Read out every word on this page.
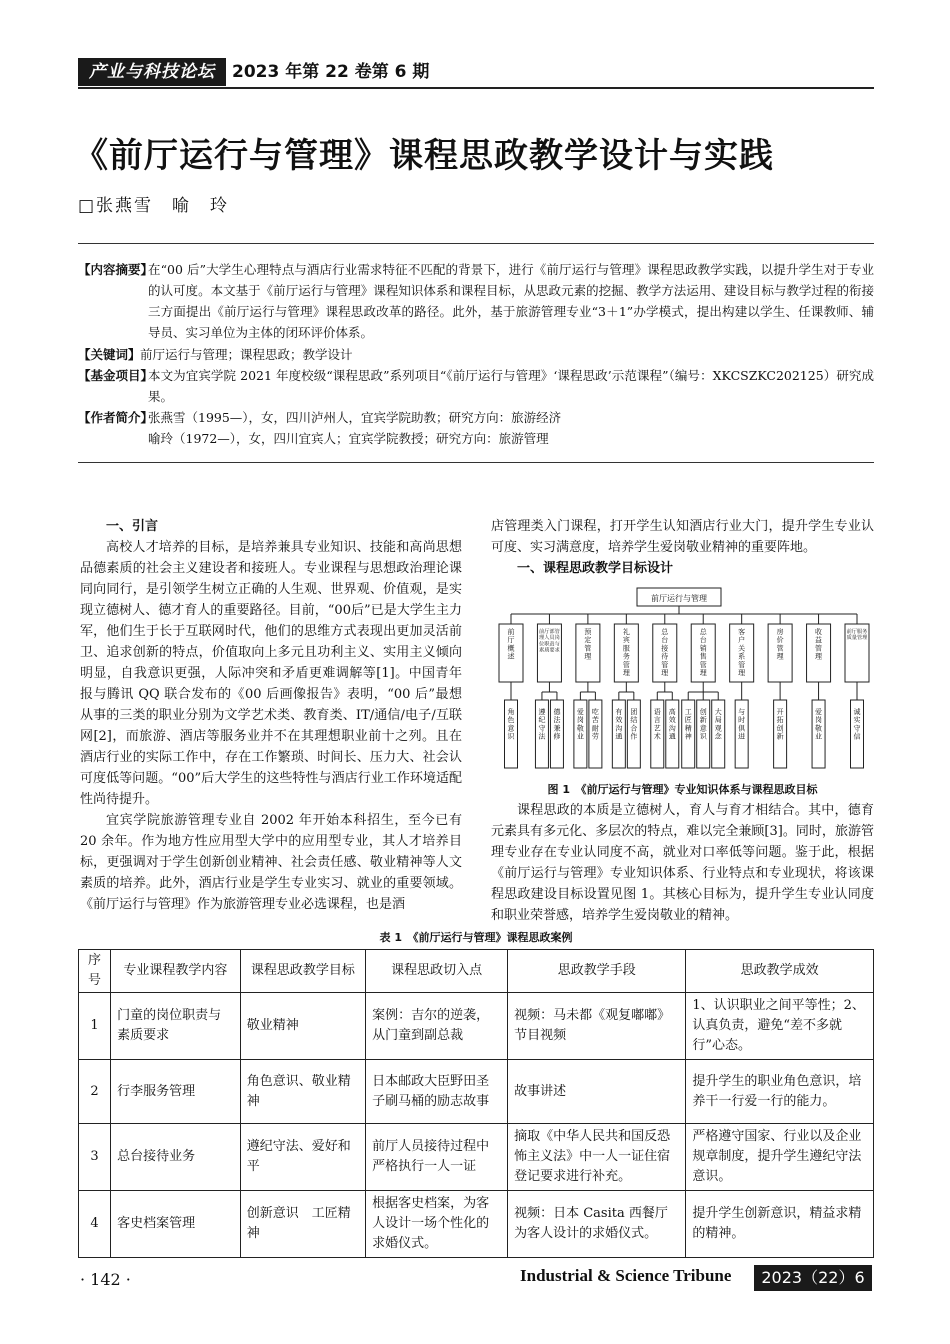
产业与科技论坛	2023 年第 22 卷第 6 期
《前厅运行与管理》课程思政教学设计与实践
□张燕雪　喻　玲
【内容摘要】
在“00 后”大学生心理特点与酒店行业需求特征不匹配的背景下，进行《前厅运行与管理》课程思政教学实践，以提升学生对于专业的认可度。本文基于《前厅运行与管理》课程知识体系和课程目标，从思政元素的挖掘、教学方法运用、建设目标与教学过程的衔接三方面提出《前厅运行与管理》课程思政改革的路径。此外，基于旅游管理专业“3＋1”办学模式，提出构建以学生、任课教师、辅导员、实习单位为主体的闭环评价体系。
【关键词】 前厅运行与管理；课程思政；教学设计
【基金项目】
本文为宜宾学院 2021 年度校级“课程思政”系列项目“《前厅运行与管理》‘课程思政’示范课程”（编号：XKCSZKC202125）研究成果。
【作者简介】
张燕雪（1995—），女，四川泸州人，宜宾学院助教；研究方向：旅游经济
喻玲（1972—），女，四川宜宾人；宜宾学院教授；研究方向：旅游管理
一、引言
高校人才培养的目标，是培养兼具专业知识、技能和高尚思想品德素质的社会主义建设者和接班人。专业课程与思想政治理论课同向同行，是引领学生树立正确的人生观、世界观、价值观，是实现立德树人、德才育人的重要路径。目前，“00后”已是大学生主力军，他们生于长于互联网时代，他们的思维方式表现出更加灵活前卫、追求创新的特点，价值取向上多元且功利主义、实用主义倾向明显，自我意识更强，人际冲突和矛盾更难调解等[1]。中国青年报与腾讯 QQ 联合发布的《00 后画像报告》表明，“00 后”最想从事的三类的职业分别为文学艺术类、教育类、IT/通信/电子/互联网[2]，而旅游、酒店等服务业并不在其理想职业前十之列。且在酒店行业的实际工作中，存在工作繁琐、时间长、压力大、社会认可度低等问题。“00”后大学生的这些特性与酒店行业工作环境适配性尚待提升。
宜宾学院旅游管理专业自 2002 年开始本科招生，至今已有 20 余年。作为地方性应用型大学中的应用型专业，其人才培养目标，更强调对于学生创新创业精神、社会责任感、敬业精神等人文素质的培养。此外，酒店行业是学生专业实习、就业的重要领域。《前厅运行与管理》作为旅游管理专业必选课程，也是酒
店管理类入门课程，打开学生认知酒店行业大门，提升学生专业认可度、实习满意度，培养学生爱岗敬业精神的重要阵地。
一、课程思政教学目标设计
前厅运行与管理
前厅概述
角色意识
前厅部管理人员岗位职责与素质要求
遵纪守法
德法兼修
预定管理
爱岗敬业
吃苦耐劳
礼宾服务管理
有效沟通
团结合作
总台接待管理
语言艺术
高效沟通
总台销售管理
工匠精神
创新意识
大局观念
客户关系管理
与时俱进
房价管理
开拓创新
收益管理
爱岗敬业
前厅服务质量管理
诚实守信
图 1　《前厅运行与管理》专业知识体系与课程思政目标
课程思政的本质是立德树人，育人与育才相结合。其中，德育元素具有多元化、多层次的特点，难以完全兼顾[3]。同时，旅游管理专业存在专业认同度不高，就业对口率低等问题。鉴于此，根据《前厅运行与管理》专业知识体系、行业特点和专业现状，将该课程思政建设目标设置见图 1。其核心目标为，提升学生专业认同度和职业荣誉感，培养学生爱岗敬业的精神。
表 1　《前厅运行与管理》课程思政案例
序号	专业课程教学内容	课程思政教学目标	课程思政切入点	思政教学手段	思政教学成效
1	门童的岗位职责与素质要求	敬业精神	案例：吉尔的逆袭，从门童到副总裁	视频：马未都《观复嘟嘟》节目视频	1、认识职业之间平等性；2、认真负责，避免“差不多就行”心态。
2	行李服务管理	角色意识、敬业精神	日本邮政大臣野田圣子刷马桶的励志故事	故事讲述	提升学生的职业角色意识，培养干一行爱一行的能力。
3	总台接待业务	遵纪守法、爱好和平	前厅人员接待过程中严格执行一人一证	摘取《中华人民共和国反恐怖主义法》中一人一证住宿登记要求进行补充。	严格遵守国家、行业以及企业规章制度，提升学生遵纪守法意识。
4	客史档案管理	创新意识　工匠精神	根据客史档案，为客人设计一场个性化的求婚仪式。	视频：日本 Casita 西餐厅为客人设计的求婚仪式。	提升学生创新意识，精益求精的精神。
· 142 ·	Industrial & Science Tribune	2023（22）6
